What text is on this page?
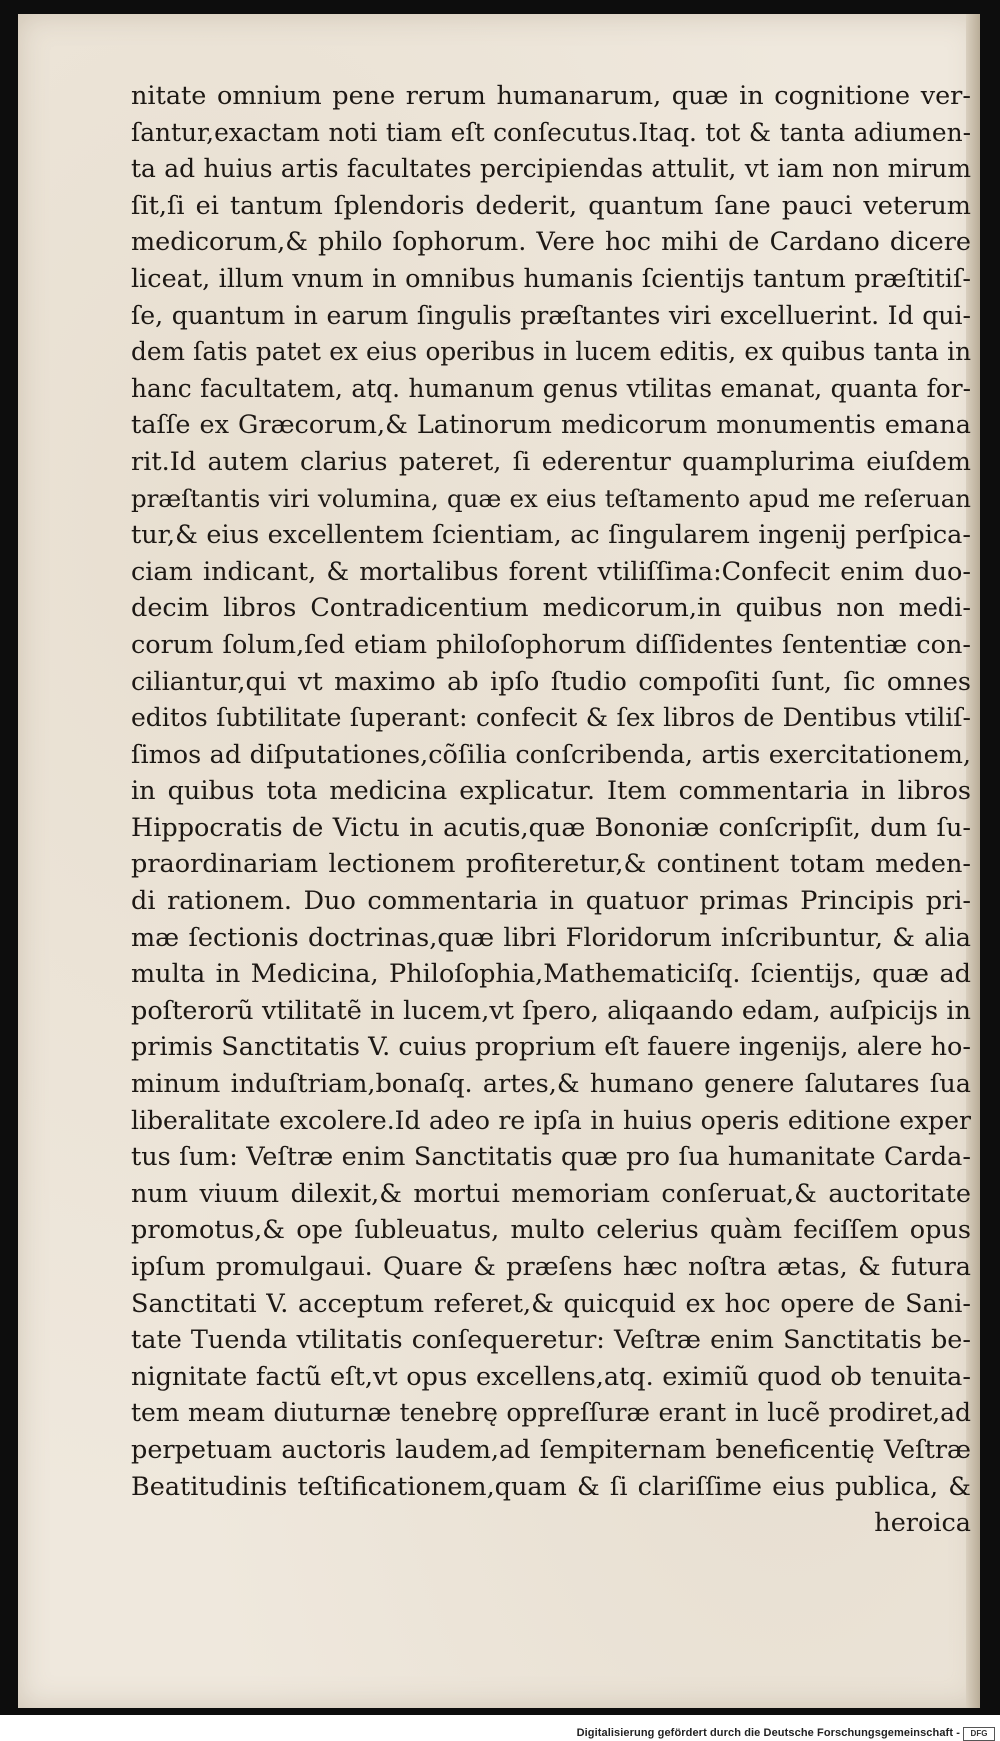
nitate omnium pene rerum humanarum, quæ in cognitione ver-
ſantur,exactam noti tiam eſt conſecutus.Itaq. tot & tanta adiumen-
ta ad huius artis facultates percipiendas attulit, vt iam non mirum
ſit,ſi ei tantum ſplendoris dederit, quantum ſane pauci veterum
medicorum,& philo ſophorum. Vere hoc mihi de Cardano dicere
liceat, illum vnum in omnibus humanis ſcientijs tantum præſtitiſ-
ſe, quantum in earum ſingulis præſtantes viri excelluerint. Id qui-
dem ſatis patet ex eius operibus in lucem editis, ex quibus tanta in
hanc facultatem, atq. humanum genus vtilitas emanat, quanta for-
taſſe ex Græcorum,& Latinorum medicorum monumentis emana
rit.Id autem clarius pateret, ſi ederentur quamplurima eiuſdem
præſtantis viri volumina, quæ ex eius teſtamento apud me reſeruan
tur,& eius excellentem ſcientiam, ac ſingularem ingenij perſpica-
ciam indicant, & mortalibus forent vtiliſſima:Confecit enim duo-
decim libros Contradicentium medicorum,in quibus non medi-
corum ſolum,ſed etiam philoſophorum diſſidentes ſententiæ con-
ciliantur,qui vt maximo ab ipſo ſtudio compoſiti ſunt, ſic omnes
editos ſubtilitate ſuperant: confecit & ſex libros de Dentibus vtiliſ-
ſimos ad diſputationes,cõſilia conſcribenda, artis exercitationem,
in quibus tota medicina explicatur. Item commentaria in libros
Hippocratis de Victu in acutis,quæ Bononiæ conſcripſit, dum ſu-
praordinariam lectionem profiteretur,& continent totam meden-
di rationem. Duo commentaria in quatuor primas Principis pri-
mæ ſectionis doctrinas,quæ libri Floridorum inſcribuntur, & alia
multa in Medicina, Philoſophia,Mathematiciſq. ſcientijs, quæ ad
poſterorũ vtilitatẽ in lucem,vt ſpero, aliqaando edam, auſpicijs in
primis Sanctitatis V. cuius proprium eſt fauere ingenijs, alere ho-
minum induſtriam,bonaſq. artes,& humano genere ſalutares ſua
liberalitate excolere.Id adeo re ipſa in huius operis editione exper
tus ſum: Veſtræ enim Sanctitatis quæ pro ſua humanitate Carda-
num viuum dilexit,& mortui memoriam conſeruat,& auctoritate
promotus,& ope ſubleuatus, multo celerius quàm feciſſem opus
ipſum promulgaui. Quare & præſens hæc noſtra ætas, & futura
Sanctitati V. acceptum referet,& quicquid ex hoc opere de Sani-
tate Tuenda vtilitatis conſequeretur: Veſtræ enim Sanctitatis be-
nignitate factũ eſt,vt opus excellens,atq. eximiũ quod ob tenuita-
tem meam diuturnæ tenebrę oppreſſuræ erant in lucẽ prodiret,ad
perpetuam auctoris laudem,ad ſempiternam beneficentię Veſtræ
Beatitudinis teſtificationem,quam & ſi clariſſime eius publica, &
heroica
Digitalisierung gefördert durch die Deutsche Forschungsgemeinschaft -	DFG
